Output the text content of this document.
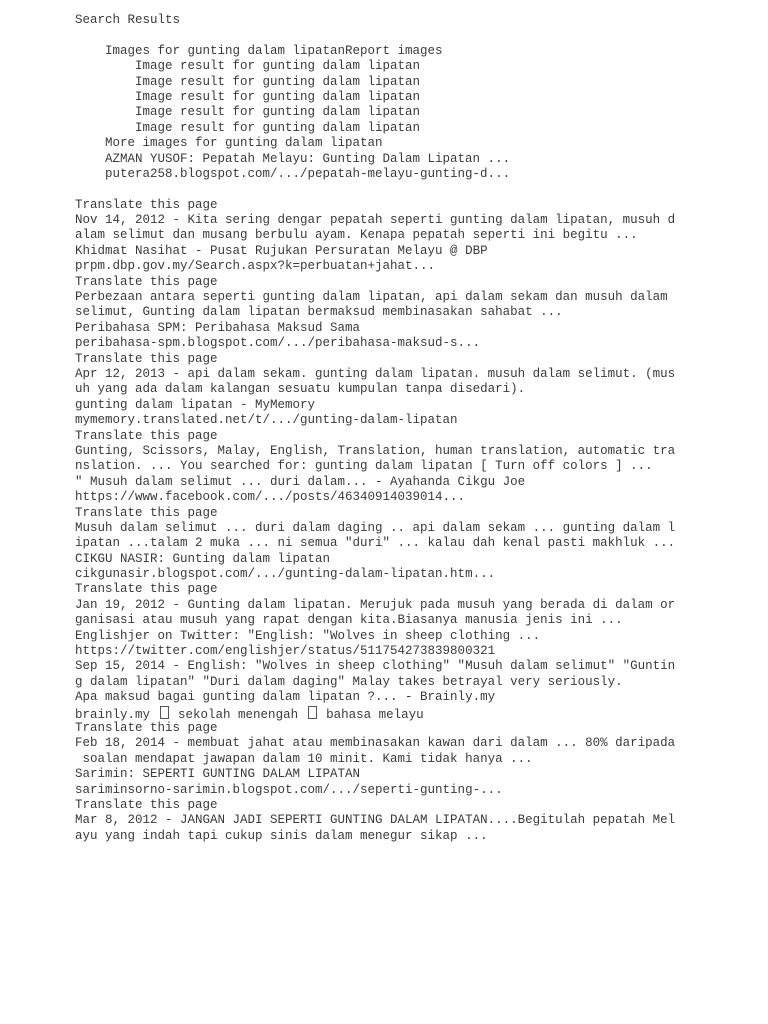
Search Results
Images for gunting dalam lipatanReport images
Image result for gunting dalam lipatan
Image result for gunting dalam lipatan
Image result for gunting dalam lipatan
Image result for gunting dalam lipatan
Image result for gunting dalam lipatan
More images for gunting dalam lipatan
AZMAN YUSOF: Pepatah Melayu: Gunting Dalam Lipatan ...
putera258.blogspot.com/.../pepatah-melayu-gunting-d...
Translate this page
Nov 14, 2012 - Kita sering dengar pepatah seperti gunting dalam lipatan, musuh d
alam selimut dan musang berbulu ayam. Kenapa pepatah seperti ini begitu ...
Khidmat Nasihat - Pusat Rujukan Persuratan Melayu @ DBP
prpm.dbp.gov.my/Search.aspx?k=perbuatan+jahat...
Translate this page
Perbezaan antara seperti gunting dalam lipatan, api dalam sekam dan musuh dalam
selimut, Gunting dalam lipatan bermaksud membinasakan sahabat ...
Peribahasa SPM: Peribahasa Maksud Sama
peribahasa-spm.blogspot.com/.../peribahasa-maksud-s...
Translate this page
Apr 12, 2013 - api dalam sekam. gunting dalam lipatan. musuh dalam selimut. (mus
uh yang ada dalam kalangan sesuatu kumpulan tanpa disedari).
gunting dalam lipatan - MyMemory
mymemory.translated.net/t/.../gunting-dalam-lipatan
Translate this page
Gunting, Scissors, Malay, English, Translation, human translation, automatic tra
nslation. ... You searched for: gunting dalam lipatan [ Turn off colors ] ...
" Musuh dalam selimut ... duri dalam... - Ayahanda Cikgu Joe
https://www.facebook.com/.../posts/46340914039014...
Translate this page
Musuh dalam selimut ... duri dalam daging .. api dalam sekam ... gunting dalam l
ipatan ...talam 2 muka ... ni semua "duri" ... kalau dah kenal pasti makhluk ...
CIKGU NASIR: Gunting dalam lipatan
cikgunasir.blogspot.com/.../gunting-dalam-lipatan.htm...
Translate this page
Jan 19, 2012 - Gunting dalam lipatan. Merujuk pada musuh yang berada di dalam or
ganisasi atau musuh yang rapat dengan kita.Biasanya manusia jenis ini ...
Englishjer on Twitter: "English: "Wolves in sheep clothing ...
https://twitter.com/englishjer/status/511754273839800321
Sep 15, 2014 - English: "Wolves in sheep clothing" "Musuh dalam selimut" "Guntin
g dalam lipatan" "Duri dalam daging" Malay takes betrayal very seriously.
Apa maksud bagai gunting dalam lipatan ?... - Brainly.my
brainly.my sekolah menengah bahasa melayu
Translate this page
Feb 18, 2014 - membuat jahat atau membinasakan kawan dari dalam ... 80% daripada
soalan mendapat jawapan dalam 10 minit. Kami tidak hanya ...
Sarimin: SEPERTI GUNTING DALAM LIPATAN
sariminsorno-sarimin.blogspot.com/.../seperti-gunting-...
Translate this page
Mar 8, 2012 - JANGAN JADI SEPERTI GUNTING DALAM LIPATAN....Begitulah pepatah Mel
ayu yang indah tapi cukup sinis dalam menegur sikap ...
